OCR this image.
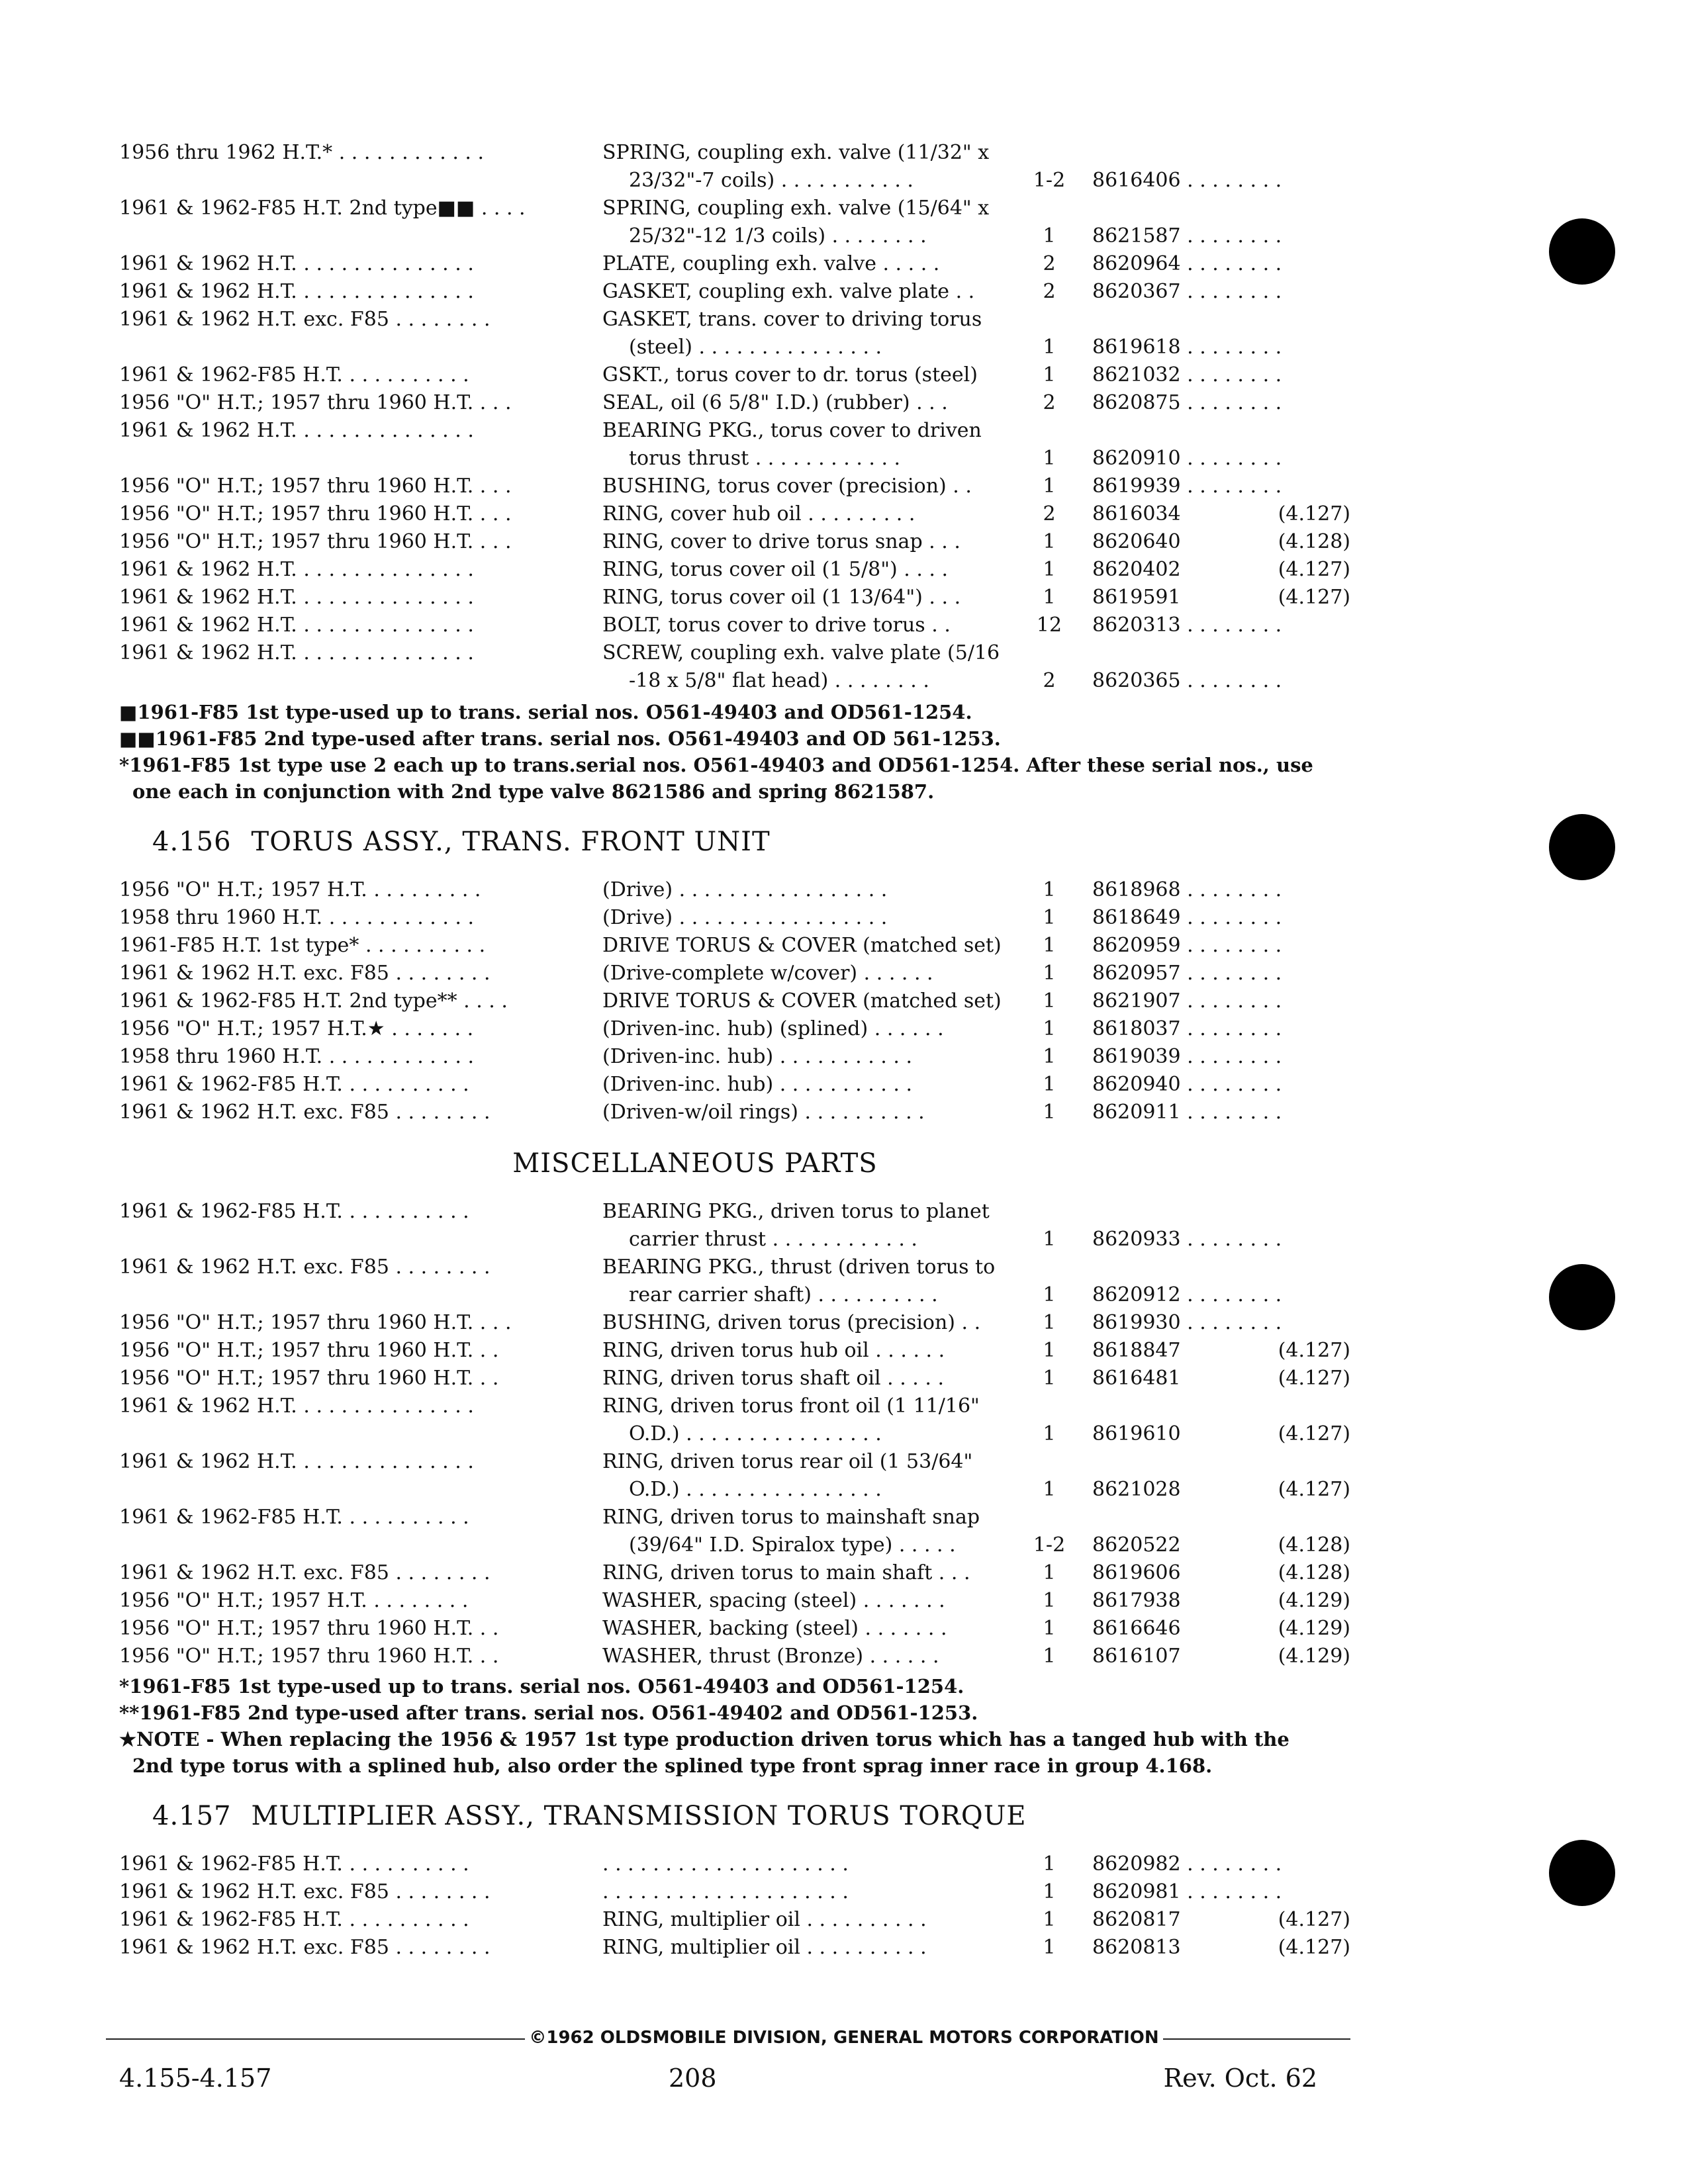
1956 thru 1962 H.T.* . . . . . . . . . . . .	SPRING, coupling exh. valve (11/32" x
23/32"-7 coils) . . . . . . . . . . .	1-2	8616406 . . . . . . . .
1961 & 1962-F85 H.T. 2nd type■■ . . . .	SPRING, coupling exh. valve (15/64" x
25/32"-12 1/3 coils) . . . . . . . .	1	8621587 . . . . . . . .
1961 & 1962 H.T. . . . . . . . . . . . . . .	PLATE, coupling exh. valve . . . . .	2	8620964 . . . . . . . .
1961 & 1962 H.T. . . . . . . . . . . . . . .	GASKET, coupling exh. valve plate . .	2	8620367 . . . . . . . .
1961 & 1962 H.T. exc. F85 . . . . . . . .	GASKET, trans. cover to driving torus
(steel) . . . . . . . . . . . . . . .	1	8619618 . . . . . . . .
1961 & 1962-F85 H.T. . . . . . . . . . .	GSKT., torus cover to dr. torus (steel)	1	8621032 . . . . . . . .
1956 "O" H.T.; 1957 thru 1960 H.T. . . .	SEAL, oil (6 5/8" I.D.) (rubber) . . .	2	8620875 . . . . . . . .
1961 & 1962 H.T. . . . . . . . . . . . . . .	BEARING PKG., torus cover to driven
torus thrust . . . . . . . . . . . .	1	8620910 . . . . . . . .
1956 "O" H.T.; 1957 thru 1960 H.T. . . .	BUSHING, torus cover (precision) . .	1	8619939 . . . . . . . .
1956 "O" H.T.; 1957 thru 1960 H.T. . . .	RING, cover hub oil . . . . . . . . .	2	8616034	(4.127)
1956 "O" H.T.; 1957 thru 1960 H.T. . . .	RING, cover to drive torus snap . . .	1	8620640	(4.128)
1961 & 1962 H.T. . . . . . . . . . . . . . .	RING, torus cover oil (1 5/8") . . . .	1	8620402	(4.127)
1961 & 1962 H.T. . . . . . . . . . . . . . .	RING, torus cover oil (1 13/64") . . .	1	8619591	(4.127)
1961 & 1962 H.T. . . . . . . . . . . . . . .	BOLT, torus cover to drive torus . .	12	8620313 . . . . . . . .
1961 & 1962 H.T. . . . . . . . . . . . . . .	SCREW, coupling exh. valve plate (5/16
-18 x 5/8" flat head) . . . . . . . .	2	8620365 . . . . . . . .
■1961-F85 1st type-used up to trans. serial nos. O561-49403 and OD561-1254.
■■1961-F85 2nd type-used after trans. serial nos. O561-49403 and OD 561-1253.
*1961-F85 1st type use 2 each up to trans.serial nos. O561-49403 and OD561-1254. After these serial nos., use
one each in conjunction with 2nd type valve 8621586 and spring 8621587.
4.156 TORUS ASSY., TRANS. FRONT UNIT
1956 "O" H.T.; 1957 H.T. . . . . . . . . .	(Drive) . . . . . . . . . . . . . . . . .	1	8618968 . . . . . . . .
1958 thru 1960 H.T. . . . . . . . . . . . .	(Drive) . . . . . . . . . . . . . . . . .	1	8618649 . . . . . . . .
1961-F85 H.T. 1st type* . . . . . . . . . .	DRIVE TORUS & COVER (matched set)	1	8620959 . . . . . . . .
1961 & 1962 H.T. exc. F85 . . . . . . . .	(Drive-complete w/cover) . . . . . .	1	8620957 . . . . . . . .
1961 & 1962-F85 H.T. 2nd type** . . . .	DRIVE TORUS & COVER (matched set)	1	8621907 . . . . . . . .
1956 "O" H.T.; 1957 H.T.★ . . . . . . .	(Driven-inc. hub) (splined) . . . . . .	1	8618037 . . . . . . . .
1958 thru 1960 H.T. . . . . . . . . . . . .	(Driven-inc. hub) . . . . . . . . . . .	1	8619039 . . . . . . . .
1961 & 1962-F85 H.T. . . . . . . . . . .	(Driven-inc. hub) . . . . . . . . . . .	1	8620940 . . . . . . . .
1961 & 1962 H.T. exc. F85 . . . . . . . .	(Driven-w/oil rings) . . . . . . . . . .	1	8620911 . . . . . . . .
MISCELLANEOUS PARTS
1961 & 1962-F85 H.T. . . . . . . . . . .	BEARING PKG., driven torus to planet
carrier thrust . . . . . . . . . . . .	1	8620933 . . . . . . . .
1961 & 1962 H.T. exc. F85 . . . . . . . .	BEARING PKG., thrust (driven torus to
rear carrier shaft) . . . . . . . . . .	1	8620912 . . . . . . . .
1956 "O" H.T.; 1957 thru 1960 H.T. . . .	BUSHING, driven torus (precision) . .	1	8619930 . . . . . . . .
1956 "O" H.T.; 1957 thru 1960 H.T. . .	RING, driven torus hub oil . . . . . .	1	8618847	(4.127)
1956 "O" H.T.; 1957 thru 1960 H.T. . .	RING, driven torus shaft oil . . . . .	1	8616481	(4.127)
1961 & 1962 H.T. . . . . . . . . . . . . . .	RING, driven torus front oil (1 11/16"
O.D.) . . . . . . . . . . . . . . . .	1	8619610	(4.127)
1961 & 1962 H.T. . . . . . . . . . . . . . .	RING, driven torus rear oil (1 53/64"
O.D.) . . . . . . . . . . . . . . . .	1	8621028	(4.127)
1961 & 1962-F85 H.T. . . . . . . . . . .	RING, driven torus to mainshaft snap
(39/64" I.D. Spiralox type) . . . . .	1-2	8620522	(4.128)
1961 & 1962 H.T. exc. F85 . . . . . . . .	RING, driven torus to main shaft . . .	1	8619606	(4.128)
1956 "O" H.T.; 1957 H.T. . . . . . . . .	WASHER, spacing (steel) . . . . . . .	1	8617938	(4.129)
1956 "O" H.T.; 1957 thru 1960 H.T. . .	WASHER, backing (steel) . . . . . . .	1	8616646	(4.129)
1956 "O" H.T.; 1957 thru 1960 H.T. . .	WASHER, thrust (Bronze) . . . . . .	1	8616107	(4.129)
*1961-F85 1st type-used up to trans. serial nos. O561-49403 and OD561-1254.
**1961-F85 2nd type-used after trans. serial nos. O561-49402 and OD561-1253.
★NOTE - When replacing the 1956 & 1957 1st type production driven torus which has a tanged hub with the
2nd type torus with a splined hub, also order the splined type front sprag inner race in group 4.168.
4.157 MULTIPLIER ASSY., TRANSMISSION TORUS TORQUE
1961 & 1962-F85 H.T. . . . . . . . . . .	. . . . . . . . . . . . . . . . . . . .	1	8620982 . . . . . . . .
1961 & 1962 H.T. exc. F85 . . . . . . . .	. . . . . . . . . . . . . . . . . . . .	1	8620981 . . . . . . . .
1961 & 1962-F85 H.T. . . . . . . . . . .	RING, multiplier oil . . . . . . . . . .	1	8620817	(4.127)
1961 & 1962 H.T. exc. F85 . . . . . . . .	RING, multiplier oil . . . . . . . . . .	1	8620813	(4.127)
©1962 OLDSMOBILE DIVISION, GENERAL MOTORS CORPORATION
4.155-4.157	208	Rev. Oct. 62
